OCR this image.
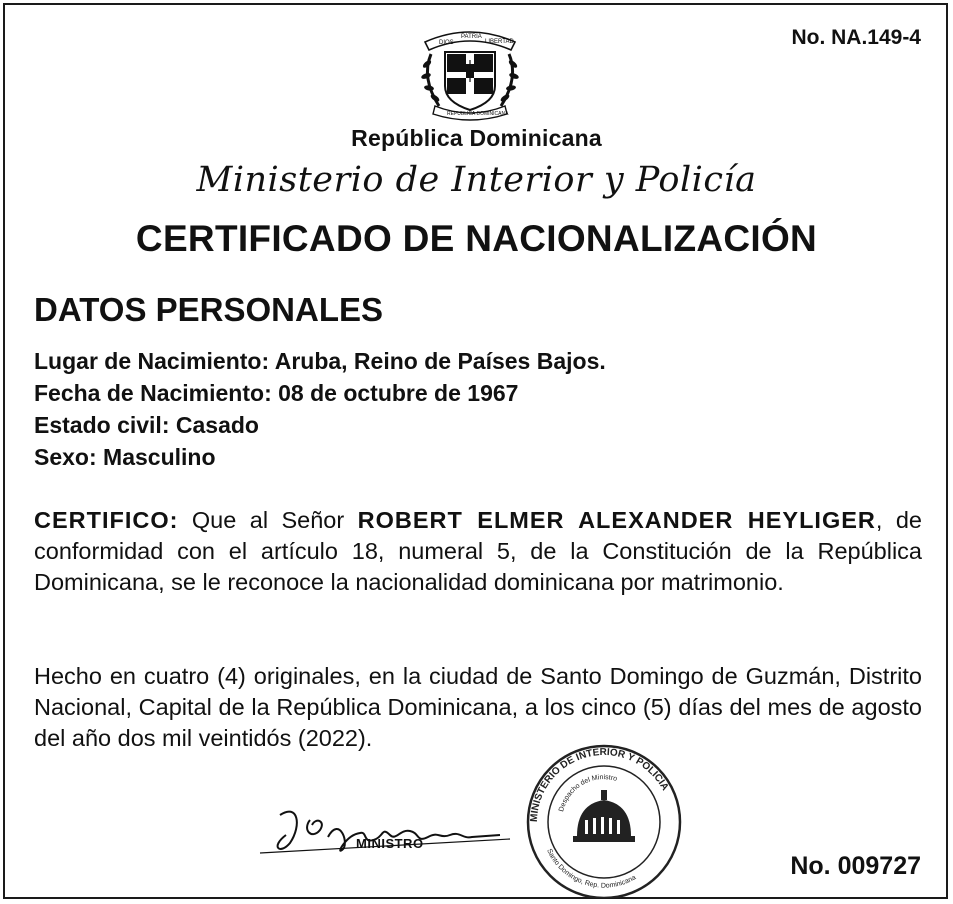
No. NA.149-4
DIOS
PATRIA
LIBERTAD
REPUBLICA DOMINICANA
República Dominicana
Ministerio de Interior y Policía
CERTIFICADO DE NACIONALIZACIÓN
DATOS PERSONALES
Lugar de Nacimiento: Aruba, Reino de Países Bajos.
Fecha de Nacimiento: 08 de octubre de 1967
Estado civil: Casado
Sexo: Masculino
CERTIFICO: Que al Señor ROBERT ELMER ALEXANDER HEYLIGER, de conformidad con el artículo 18, numeral 5, de la Constitución de la República Dominicana, se le reconoce la nacionalidad dominicana por matrimonio.
Hecho en cuatro (4) originales, en la ciudad de Santo Domingo de Guzmán, Distrito Nacional, Capital de la República Dominicana, a los cinco (5) días del mes de agosto del año dos mil veintidós (2022).
MINISTERIO DE INTERIOR Y POLICIA
Despacho del Ministro
Santo Domingo, Rep. Dominicana
MINISTRO
No. 009727
